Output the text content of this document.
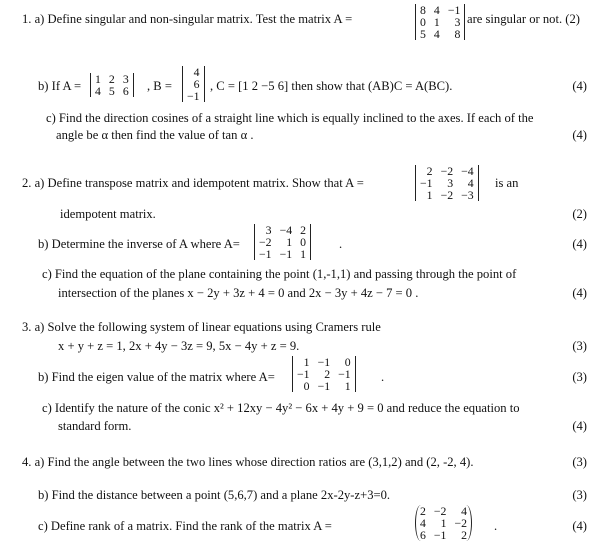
1. a) Define singular and non-singular matrix. Test the matrix A =
8 4 −1
0 1	3
5 4	8
are singular or not. (2)
b) If A = 1 2 3
4 5 6 , B =
4
6
−1
, C = [1 2 −5 6] then show that (AB)C = A(BC).	(4)
c) Find the direction cosines of a straight line which is equally inclined to the axes. If each of the
angle be α then find the value of tan α .	(4)
2. a) Define transpose matrix and idempotent matrix. Show that A =
2 −2 −4
−1	3	4
1 −2 −3
is an
idempotent matrix.	(2)
b) Determine the inverse of A where A=
3 −4 2
−2	1 0
−1 −1 1
.	(4)
c) Find the equation of the plane containing the point (1,-1,1) and passing through the point of
intersection of the planes x − 2y + 3z + 4 = 0 and 2x − 3y + 4z − 7 = 0 .	(4)
3. a) Solve the following system of linear equations using Cramers rule
x + y + z = 1, 2x + 4y − 3z = 9, 5x − 4y + z = 9.	(3)
b) Find the eigen value of the matrix where A=
1 −1	0
−1	2 −1
0 −1	1
.	(3)
c) Identify the nature of the conic x² + 12xy − 4y² − 6x + 4y + 9 = 0 and reduce the equation to
standard form.	(4)
4. a) Find the angle between the two lines whose direction ratios are (3,1,2) and (2, -2, 4).	(3)
b) Find the distance between a point (5,6,7) and a plane 2x-2y-z+3=0.	(3)
c) Define rank of a matrix. Find the rank of the matrix A =
2 −2	4
4	1 −2
6 −1	2
.	(4)
